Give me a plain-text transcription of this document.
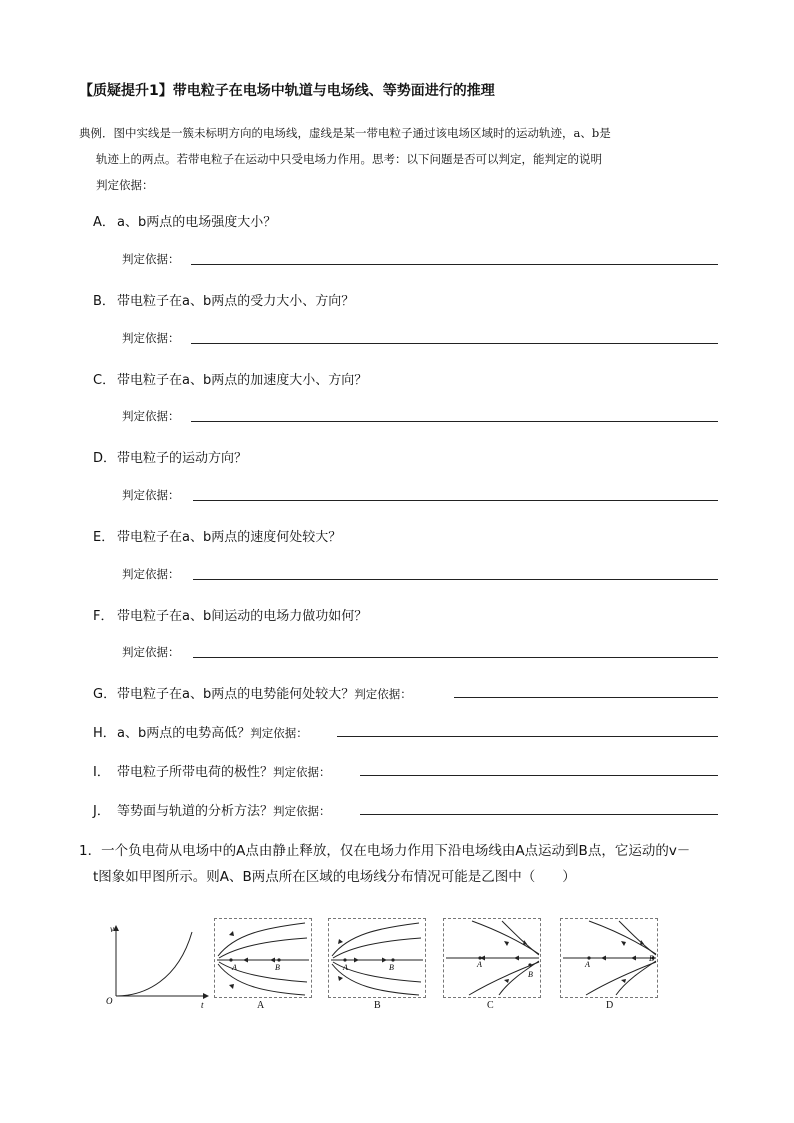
【质疑提升1】带电粒子在电场中轨道与电场线、等势面进行的推理
典例．图中实线是一簇未标明方向的电场线，虚线是某一带电粒子通过该电场区域时的运动轨迹，a、b是
轨迹上的两点。若带电粒子在运动中只受电场力作用。思考：以下问题是否可以判定，能判定的说明
判定依据：
A． a、b两点的电场强度大小？
判定依据：
B． 带电粒子在a、b两点的受力大小、方向？
判定依据：
C． 带电粒子在a、b两点的加速度大小、方向？
判定依据：
D．带电粒子的运动方向？
判定依据：
E． 带电粒子在a、b两点的速度何处较大？
判定依据：
F． 带电粒子在a、b间运动的电场力做功如何？
判定依据：
G．带电粒子在a、b两点的电势能何处较大？判定依据：
H．a、b两点的电势高低？判定依据：
I． 带电粒子所带电荷的极性？判定依据：
J． 等势面与轨道的分析方法？判定依据：
1．一个负电荷从电场中的A点由静止释放，仅在电场力作用下沿电场线由A点运动到B点，它运动的v－
t图象如甲图所示。则A、B两点所在区域的电场线分布情况可能是乙图中（　　）
v
t
O
A	B
A
A	B
B
A
B
C
A
B
D
